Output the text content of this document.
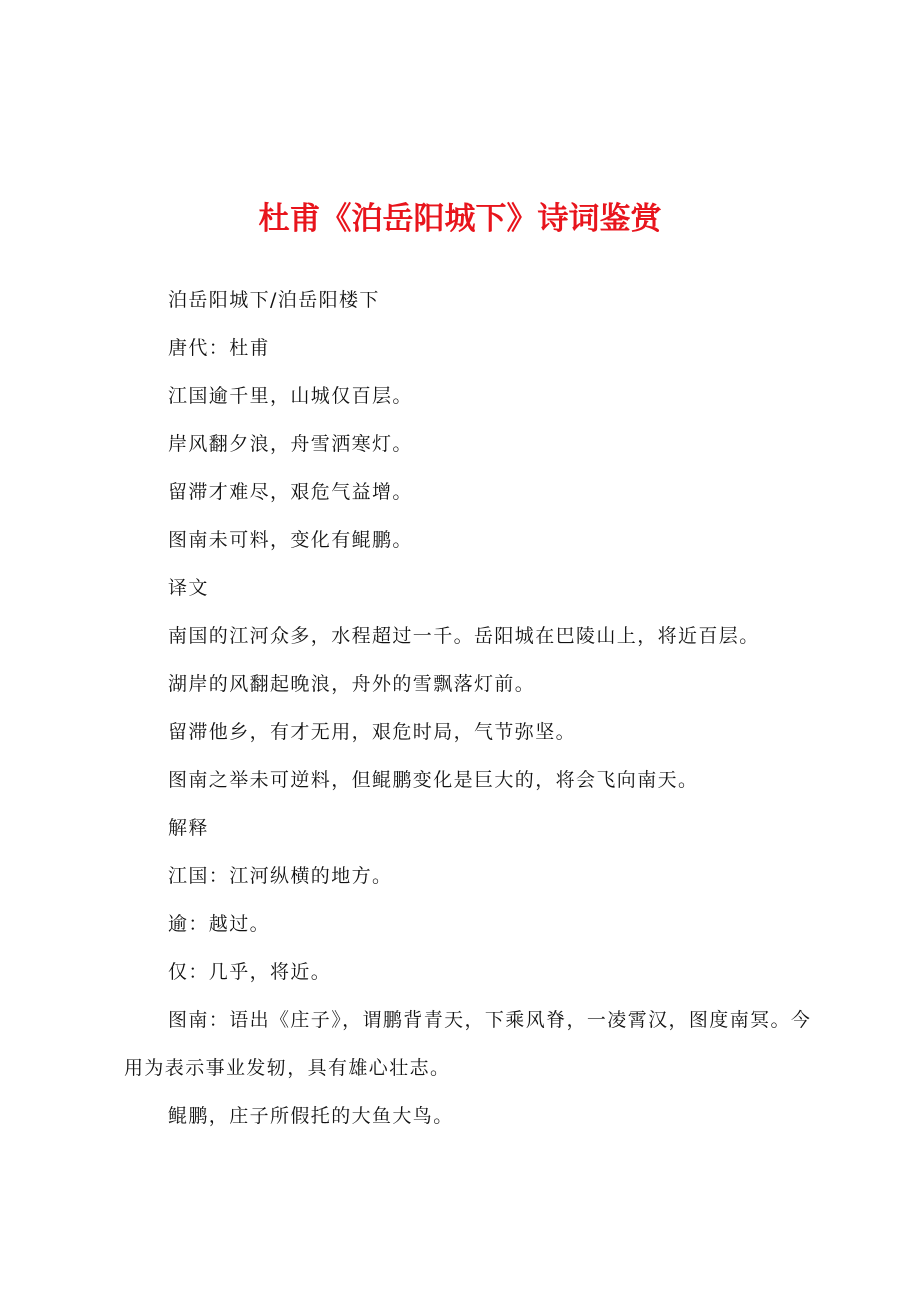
杜甫《泊岳阳城下》诗词鉴赏

泊岳阳城下/泊岳阳楼下

唐代：杜甫

江国逾千里，山城仅百层。

岸风翻夕浪，舟雪洒寒灯。

留滞才难尽，艰危气益增。

图南未可料，变化有鲲鹏。

译文

南国的江河众多，水程超过一千。岳阳城在巴陵山上，将近百层。

湖岸的风翻起晚浪，舟外的雪飘落灯前。

留滞他乡，有才无用，艰危时局，气节弥坚。

图南之举未可逆料，但鲲鹏变化是巨大的，将会飞向南天。

解释

江国：江河纵横的地方。

逾：越过。

仅：几乎，将近。

图南：语出《庄子》，谓鹏背青天，下乘风脊，一凌霄汉，图度南冥。今用为表示事业发轫，具有雄心壮志。

鲲鹏，庄子所假托的大鱼大鸟。
